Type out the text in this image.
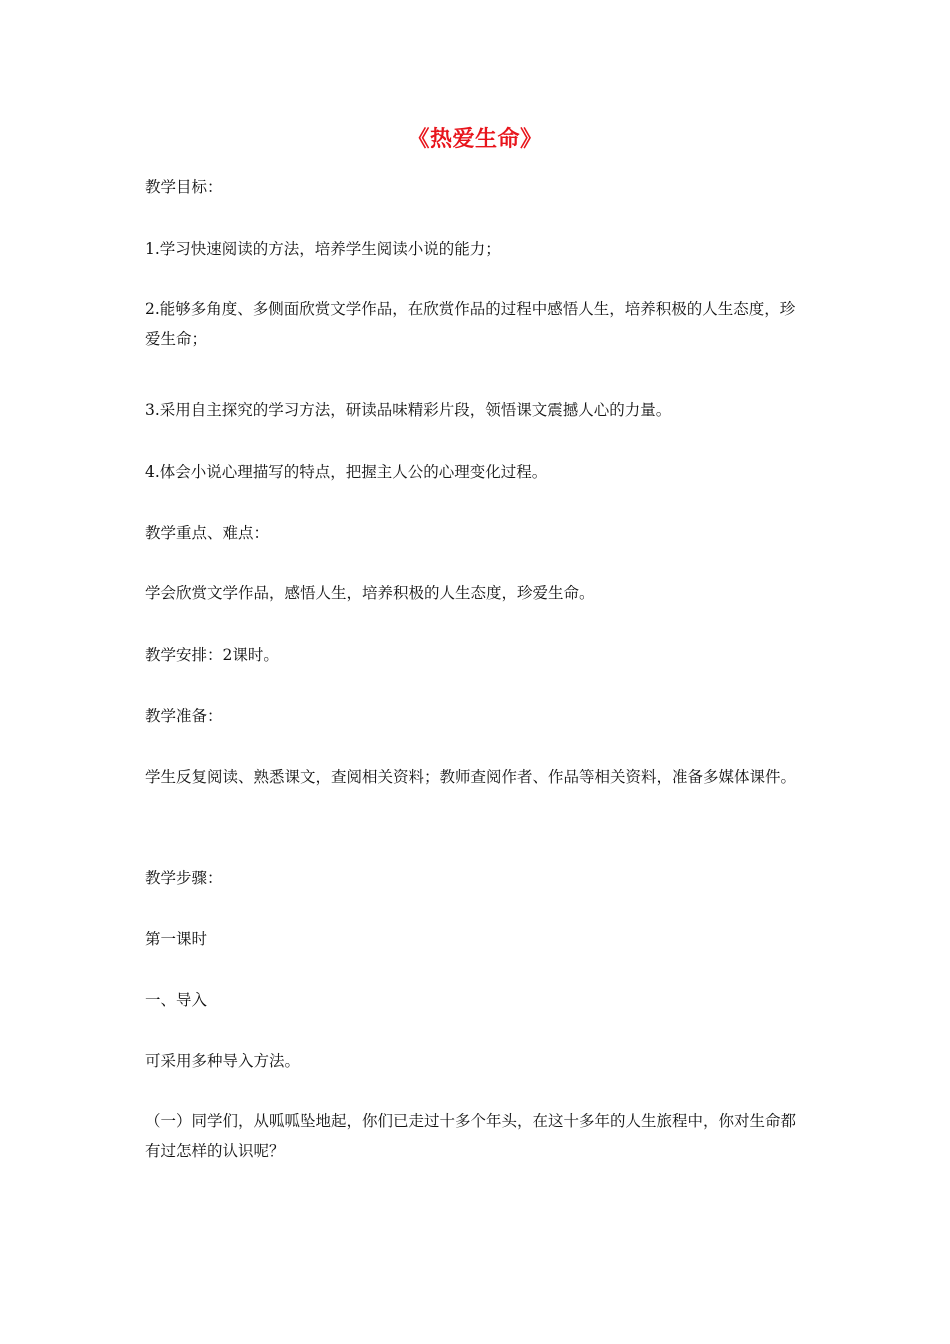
《热爱生命》

教学目标：

1.学习快速阅读的方法，培养学生阅读小说的能力；

2.能够多角度、多侧面欣赏文学作品，在欣赏作品的过程中感悟人生，培养积极的人生态度，珍爱生命；

3.采用自主探究的学习方法，研读品味精彩片段，领悟课文震撼人心的力量。

4.体会小说心理描写的特点，把握主人公的心理变化过程。

教学重点、难点：

学会欣赏文学作品，感悟人生，培养积极的人生态度，珍爱生命。

教学安排：2课时。

教学准备：

学生反复阅读、熟悉课文，查阅相关资料；教师查阅作者、作品等相关资料，准备多媒体课件。

教学步骤：

第一课时

一、导入

可采用多种导入方法。

（一）同学们，从呱呱坠地起，你们已走过十多个年头，在这十多年的人生旅程中，你对生命都有过怎样的认识呢？
